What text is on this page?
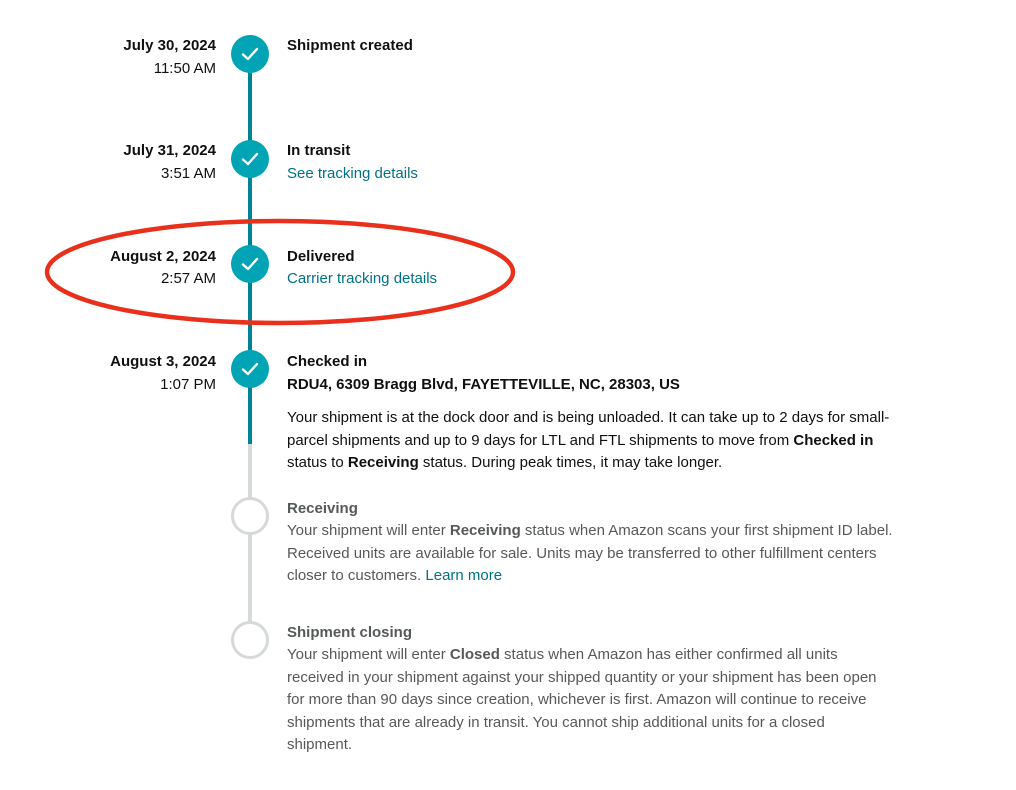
July 30, 2024
11:50 AM
Shipment created
July 31, 2024
3:51 AM
In transit
See tracking details
August 2, 2024
2:57 AM
Delivered
Carrier tracking details
August 3, 2024
1:07 PM
Checked in
RDU4, 6309 Bragg Blvd, FAYETTEVILLE, NC, 28303, US
Your shipment is at the dock door and is being unloaded. It can take up to 2 days for small-
parcel shipments and up to 9 days for LTL and FTL shipments to move from Checked in
status to Receiving status. During peak times, it may take longer.
Receiving
Your shipment will enter Receiving status when Amazon scans your first shipment ID label.
Received units are available for sale. Units may be transferred to other fulfillment centers
closer to customers. Learn more
Shipment closing
Your shipment will enter Closed status when Amazon has either confirmed all units
received in your shipment against your shipped quantity or your shipment has been open
for more than 90 days since creation, whichever is first. Amazon will continue to receive
shipments that are already in transit. You cannot ship additional units for a closed
shipment.
